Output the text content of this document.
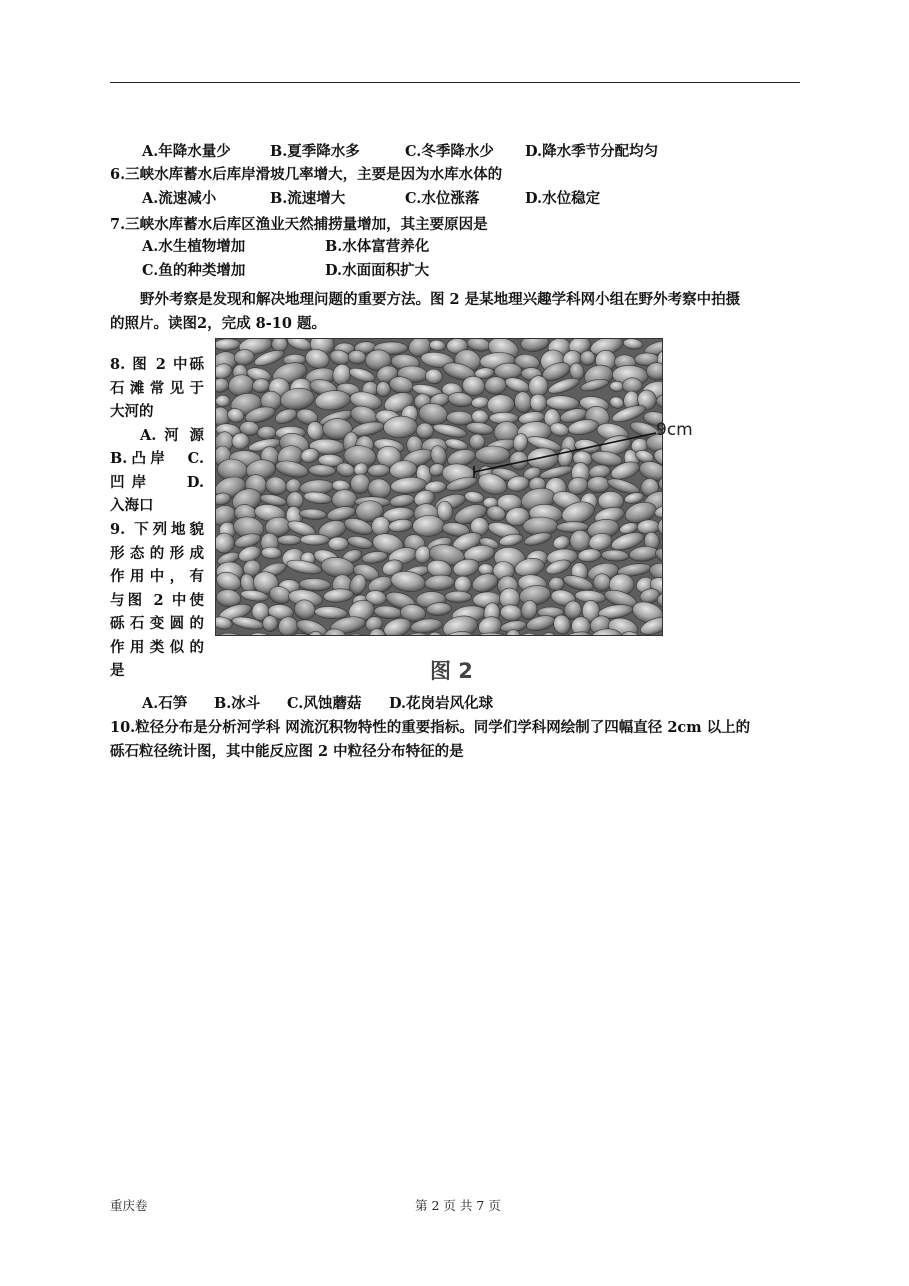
A.年降水量少	B.夏季降水多	C.冬季降水少 D.降水季节分配均匀
6.三峡水库蓄水后库岸滑坡几率增大，主要是因为水库水体的
A.流速减小	B.流速增大	C.水位涨落	D.水位稳定
7.三峡水库蓄水后库区渔业天然捕捞量增加，其主要原因是
A.水生植物增加	B.水体富营养化
C.鱼的种类增加	D.水面面积扩大
野外考察是发现和解决地理问题的重要方法。图 2 是某地理兴趣学科网小组在野外考察中拍摄
的照片。读图2，完成 8-10 题。
8. 图 2 中砾
石滩常见于
大河的
A. 河 源
B.凸岸　C.
凹岸　 D.
入海口
9. 下列地貌
形态的形成
作用中，有
与图 2 中使
砾石变圆的
作用类似的
是
9cm
图 2
A.石笋 B.冰斗 C.风蚀蘑菇 D.花岗岩风化球
10.粒径分布是分析河学科 网流沉积物特性的重要指标。同学们学科网绘制了四幅直径 2cm 以上的
砾石粒径统计图，其中能反应图 2 中粒径分布特征的是
重庆卷	第 2 页 共 7 页
